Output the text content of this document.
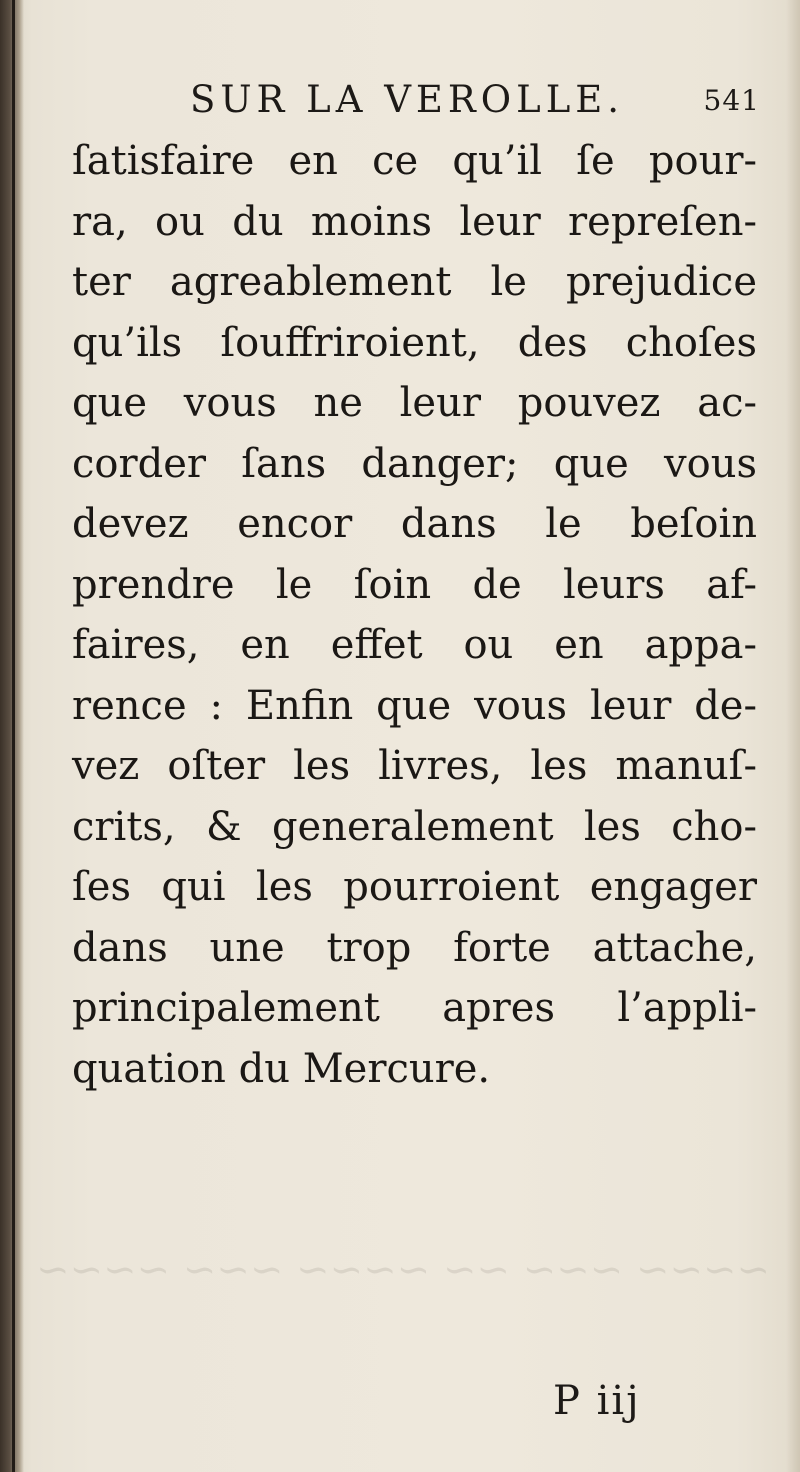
~~~~ ~~~ ~~ ~~~~ ~~~ ~~~~
SUR LA VEROLLE.	541
ſatisfaire en ce qu’il ſe pour-
ra, ou du moins leur repreſen-
ter agreablement le prejudice
qu’ils ſouffriroient, des choſes
que vous ne leur pouvez ac-
corder ſans danger; que vous
devez encor dans le beſoin
prendre le ſoin de leurs af-
faires, en effet ou en appa-
rence : Enfin que vous leur de-
vez oſter les livres, les manuſ-
crits, & generalement les cho-
ſes qui les pourroient engager
dans une trop forte attache,
principalement apres l’appli-
quation du Mercure.
P iij
